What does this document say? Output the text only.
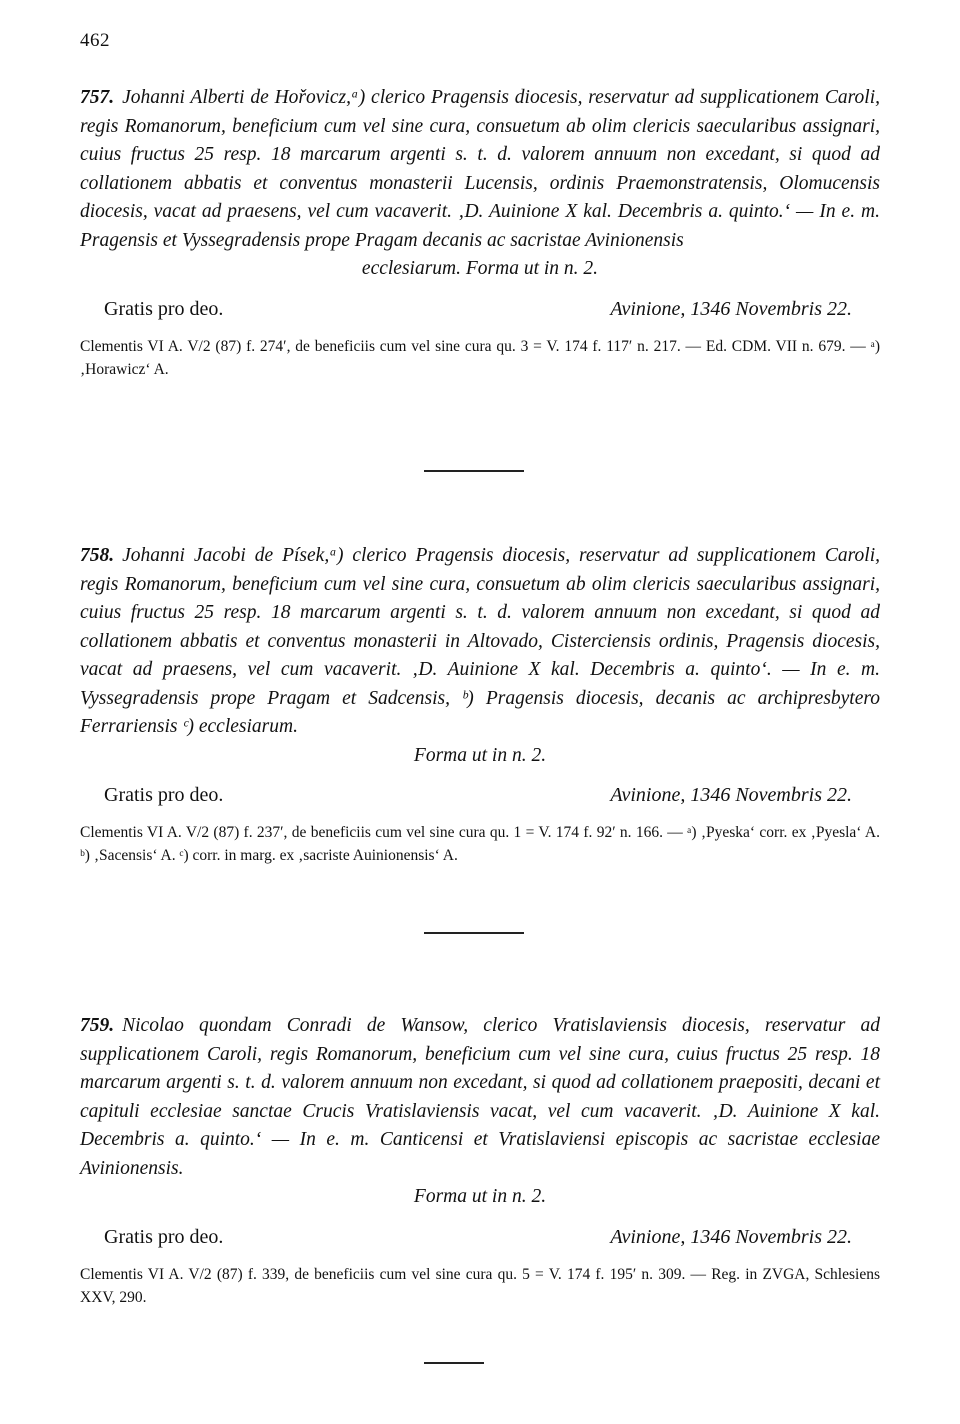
462
757. Johanni Alberti de Hořovicz,ᵃ) clerico Pragensis diocesis, reservatur ad supplicationem Caroli, regis Romanorum, beneficium cum vel sine cura, consuetum ab olim clericis saecularibus assignari, cuius fructus 25 resp. 18 marcarum argenti s. t. d. valorem annuum non excedant, si quod ad collationem abbatis et conventus monasterii Lucensis, ordinis Praemonstratensis, Olomucensis diocesis, vacat ad praesens, vel cum vacaverit. ‚D. Auinione X kal. Decembris a. quinto.‘ — In e. m. Pragensis et Vyssegradensis prope Pragam decanis ac sacristae Avinionensis
ecclesiarum. Forma ut in n. 2.
Gratis pro deo.	Avinione, 1346 Novembris 22.
Clementis VI A. V/2 (87) f. 274′, de beneficiis cum vel sine cura qu. 3 = V. 174 f. 117′ n. 217. — Ed. CDM. VII n. 679. — ᵃ) ‚Horawicz‘ A.
758. Johanni Jacobi de Písek,ᵃ) clerico Pragensis diocesis, reservatur ad supplicationem Caroli, regis Romanorum, beneficium cum vel sine cura, consuetum ab olim clericis saecularibus assignari, cuius fructus 25 resp. 18 marcarum argenti s. t. d. valorem annuum non excedant, si quod ad collationem abbatis et conventus monasterii in Altovado, Cisterciensis ordinis, Pragensis diocesis, vacat ad praesens, vel cum vacaverit. ‚D. Auinione X kal. Decembris a. quinto‘. — In e. m. Vyssegradensis prope Pragam et Sadcensis, ᵇ) Pragensis diocesis, decanis ac archipresbytero Ferrariensis ᶜ) ecclesiarum.
Forma ut in n. 2.
Gratis pro deo.	Avinione, 1346 Novembris 22.
Clementis VI A. V/2 (87) f. 237′, de beneficiis cum vel sine cura qu. 1 = V. 174 f. 92′ n. 166. — ᵃ) ‚Pyeska‘ corr. ex ‚Pyesla‘ A. ᵇ) ‚Sacensis‘ A. ᶜ) corr. in marg. ex ‚sacriste Auinionensis‘ A.
759. Nicolao quondam Conradi de Wansow, clerico Vratislaviensis diocesis, reservatur ad supplicationem Caroli, regis Romanorum, beneficium cum vel sine cura, cuius fructus 25 resp. 18 marcarum argenti s. t. d. valorem annuum non excedant, si quod ad collationem praepositi, decani et capituli ecclesiae sanctae Crucis Vratislaviensis vacat, vel cum vacaverit. ‚D. Auinione X kal. Decembris a. quinto.‘ — In e. m. Canticensi et Vratislaviensi episcopis ac sacristae ecclesiae Avinionensis.
Forma ut in n. 2.
Gratis pro deo.	Avinione, 1346 Novembris 22.
Clementis VI A. V/2 (87) f. 339, de beneficiis cum vel sine cura qu. 5 = V. 174 f. 195′ n. 309. — Reg. in ZVGA, Schlesiens XXV, 290.
